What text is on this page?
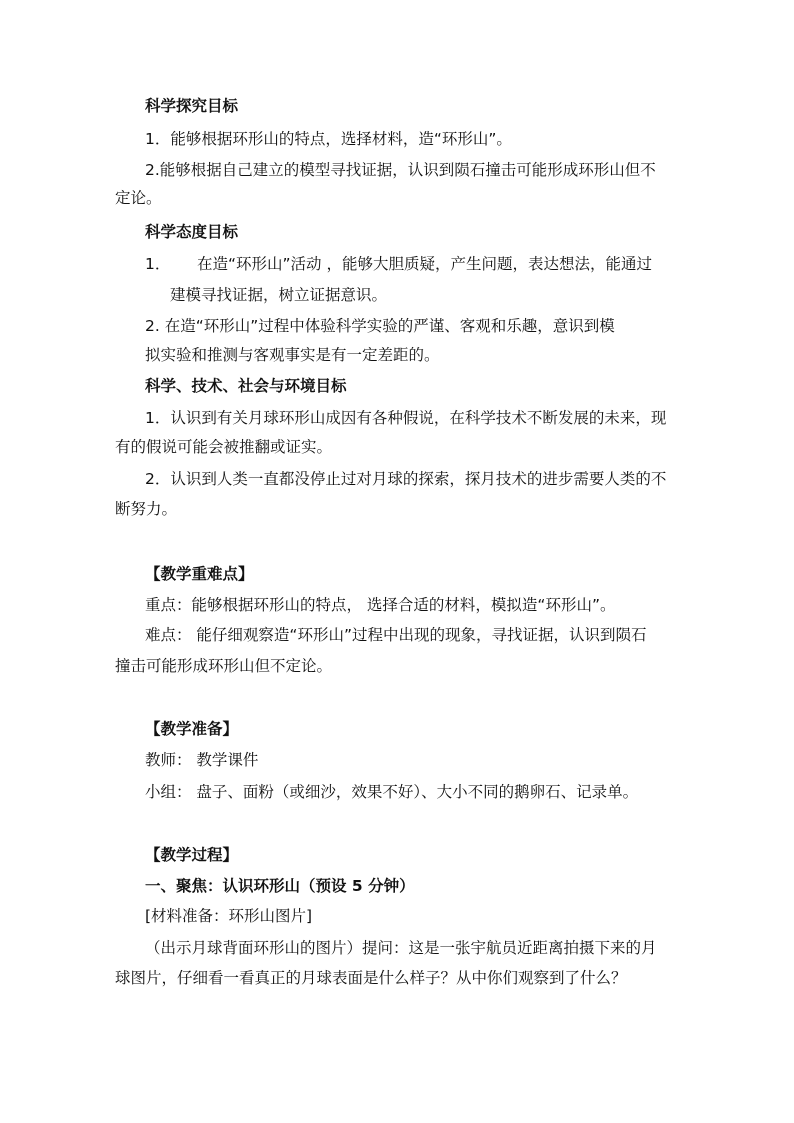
科学探究目标
1．能够根据环形山的特点，选择材料，造“环形山”。
2.能够根据自己建立的模型寻找证据，认识到陨石撞击可能形成环形山但不
定论。
科学态度目标
1． 在造“环形山”活动 ，能够大胆质疑，产生问题，表达想法，能通过
建模寻找证据，树立证据意识。
2. 在造“环形山”过程中体验科学实验的严谨、客观和乐趣，意识到模
拟实验和推测与客观事实是有一定差距的。
科学、技术、社会与环境目标
1．认识到有关月球环形山成因有各种假说，在科学技术不断发展的未来，现
有的假说可能会被推翻或证实。
2．认识到人类一直都没停止过对月球的探索，探月技术的进步需要人类的不
断努力。
【教学重难点】
重点：能够根据环形山的特点， 选择合适的材料，模拟造“环形山”。
难点： 能仔细观察造“环形山”过程中出现的现象，寻找证据，认识到陨石
撞击可能形成环形山但不定论。
【教学准备】
教师： 教学课件
小组： 盘子、面粉（或细沙，效果不好）、大小不同的鹅卵石、记录单。
【教学过程】
一、聚焦：认识环形山（预设 5 分钟）
[材料准备：环形山图片]
（出示月球背面环形山的图片）提问：这是一张宇航员近距离拍摄下来的月
球图片，仔细看一看真正的月球表面是什么样子？从中你们观察到了什么？
